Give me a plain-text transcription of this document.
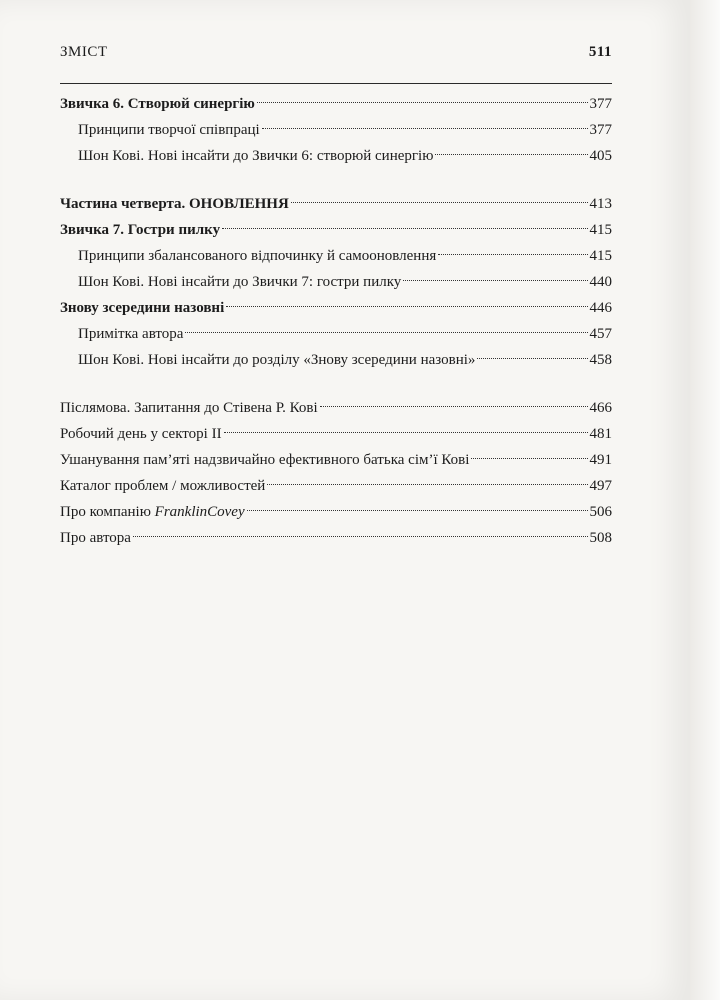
ЗМІСТ	511
Звичка 6. Створюй синергію	377
Принципи творчої співпраці	377
Шон Кові. Нові інсайти до Звички 6: створюй синергію	405
Частина четверта. ОНОВЛЕННЯ	413
Звичка 7. Гостри пилку	415
Принципи збалансованого відпочинку й самооновлення	415
Шон Кові. Нові інсайти до Звички 7: гостри пилку	440
Знову зсередини назовні	446
Примітка автора	457
Шон Кові. Нові інсайти до розділу «Знову зсередини назовні»	458
Післямова. Запитання до Стівена Р. Кові	466
Робочий день у секторі II	481
Ушанування пам’яті надзвичайно ефективного батька сім’ї Кові	491
Каталог проблем / можливостей	497
Про компанію FranklinCovey	506
Про автора	508
